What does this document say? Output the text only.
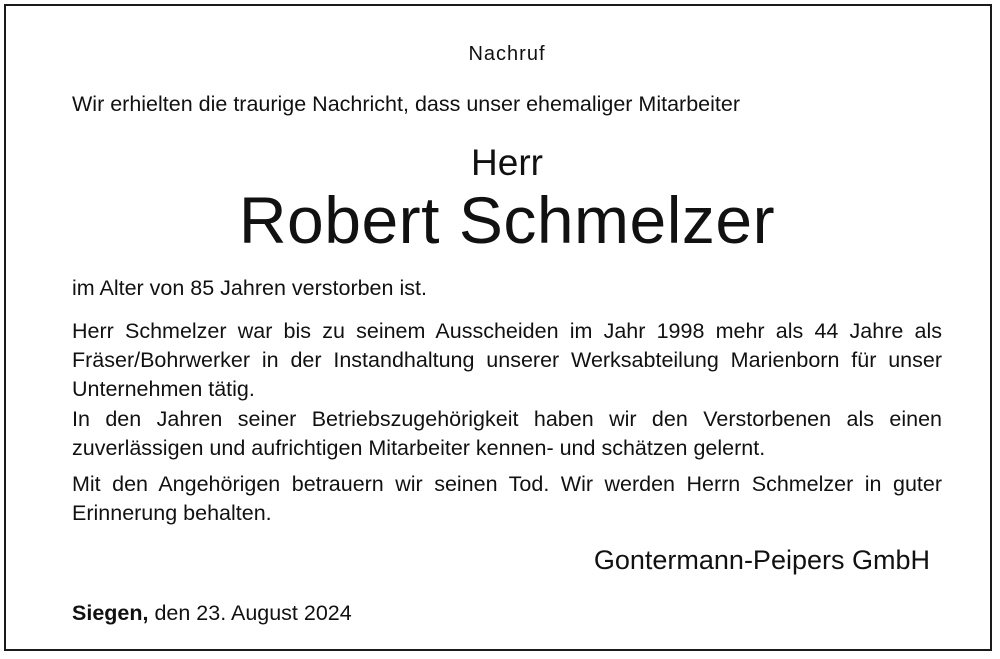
Nachruf
Wir erhielten die traurige Nachricht, dass unser ehemaliger Mitarbeiter
Herr
Robert Schmelzer

im Alter von 85 Jahren verstorben ist.

Herr Schmelzer war bis zu seinem Ausscheiden im Jahr 1998 mehr als 44 Jahre als Fräser/Bohrwerker in der Instandhaltung unserer Werksabteilung Marienborn für unser Unternehmen tätig.

In den Jahren seiner Betriebszugehörigkeit haben wir den Verstorbenen als einen zuverlässigen und aufrichtigen Mitarbeiter kennen- und schätzen gelernt.

Mit den Angehörigen betrauern wir seinen Tod. Wir werden Herrn Schmelzer in guter Erinnerung behalten.

Gontermann-Peipers GmbH
Siegen, den 23. August 2024
